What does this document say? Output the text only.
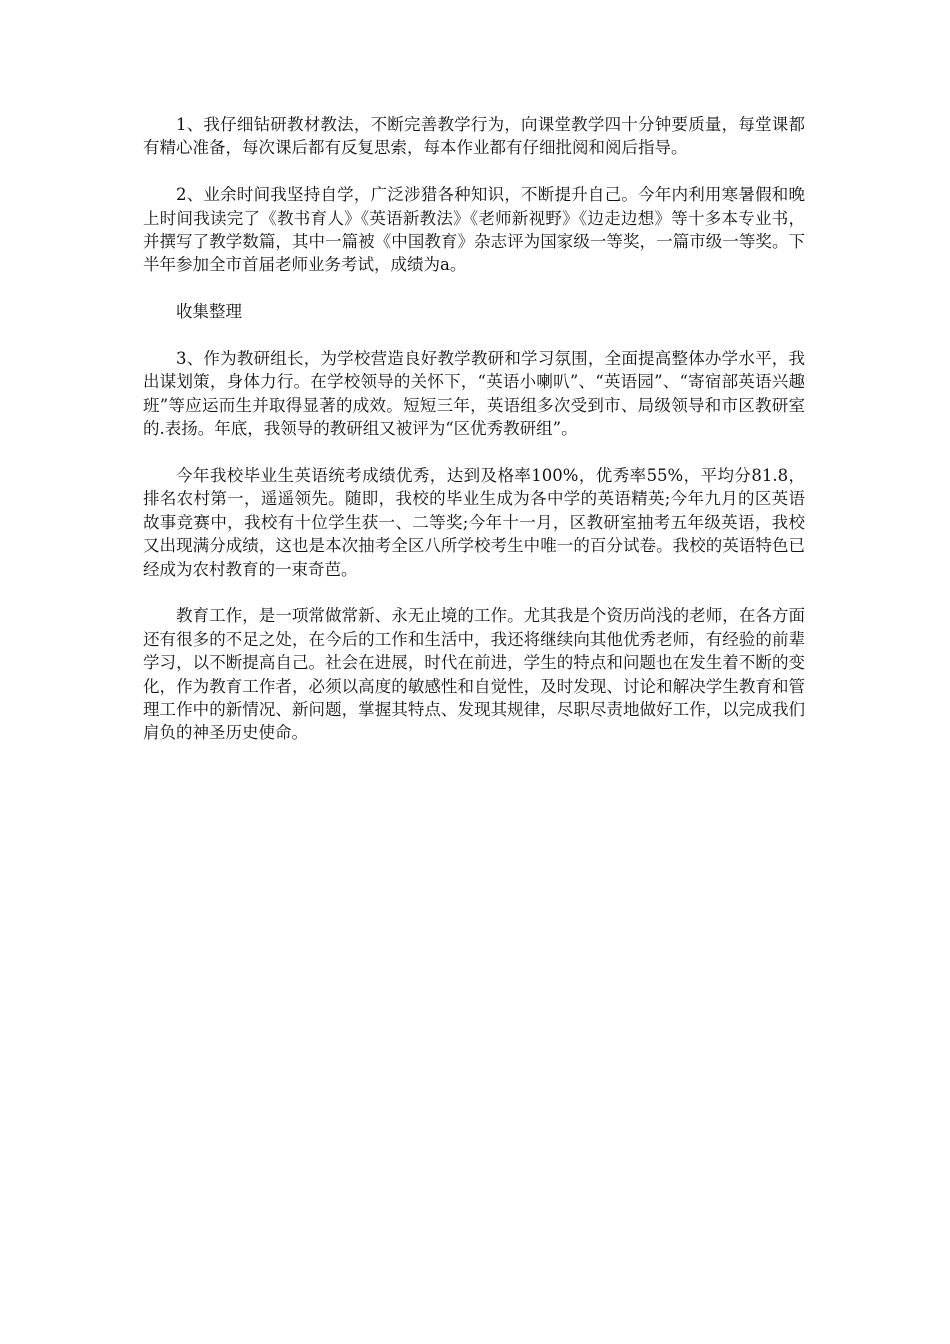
1、我仔细钻研教材教法，不断完善教学行为，向课堂教学四十分钟要质量，每堂课都有精心准备，每次课后都有反复思索，每本作业都有仔细批阅和阅后指导。

2、业余时间我坚持自学，广泛涉猎各种知识，不断提升自己。今年内利用寒暑假和晚上时间我读完了《教书育人》《英语新教法》《老师新视野》《边走边想》等十多本专业书，并撰写了教学数篇，其中一篇被《中国教育》杂志评为国家级一等奖，一篇市级一等奖。下半年参加全市首届老师业务考试，成绩为a。

收集整理

3、作为教研组长，为学校营造良好教学教研和学习氛围，全面提高整体办学水平，我出谋划策，身体力行。在学校领导的关怀下，“英语小喇叭”、“英语园”、“寄宿部英语兴趣班”等应运而生并取得显著的成效。短短三年，英语组多次受到市、局级领导和市区教研室的.表扬。年底，我领导的教研组又被评为“区优秀教研组”。

今年我校毕业生英语统考成绩优秀，达到及格率100%，优秀率55%，平均分81.8，排名农村第一，遥遥领先。随即，我校的毕业生成为各中学的英语精英;今年九月的区英语故事竞赛中，我校有十位学生获一、二等奖;今年十一月，区教研室抽考五年级英语，我校又出现满分成绩，这也是本次抽考全区八所学校考生中唯一的百分试卷。我校的英语特色已经成为农村教育的一束奇芭。

教育工作，是一项常做常新、永无止境的工作。尤其我是个资历尚浅的老师，在各方面还有很多的不足之处，在今后的工作和生活中，我还将继续向其他优秀老师，有经验的前辈学习，以不断提高自己。社会在进展，时代在前进，学生的特点和问题也在发生着不断的变化，作为教育工作者，必须以高度的敏感性和自觉性，及时发现、讨论和解决学生教育和管理工作中的新情况、新问题，掌握其特点、发现其规律，尽职尽责地做好工作，以完成我们肩负的神圣历史使命。
